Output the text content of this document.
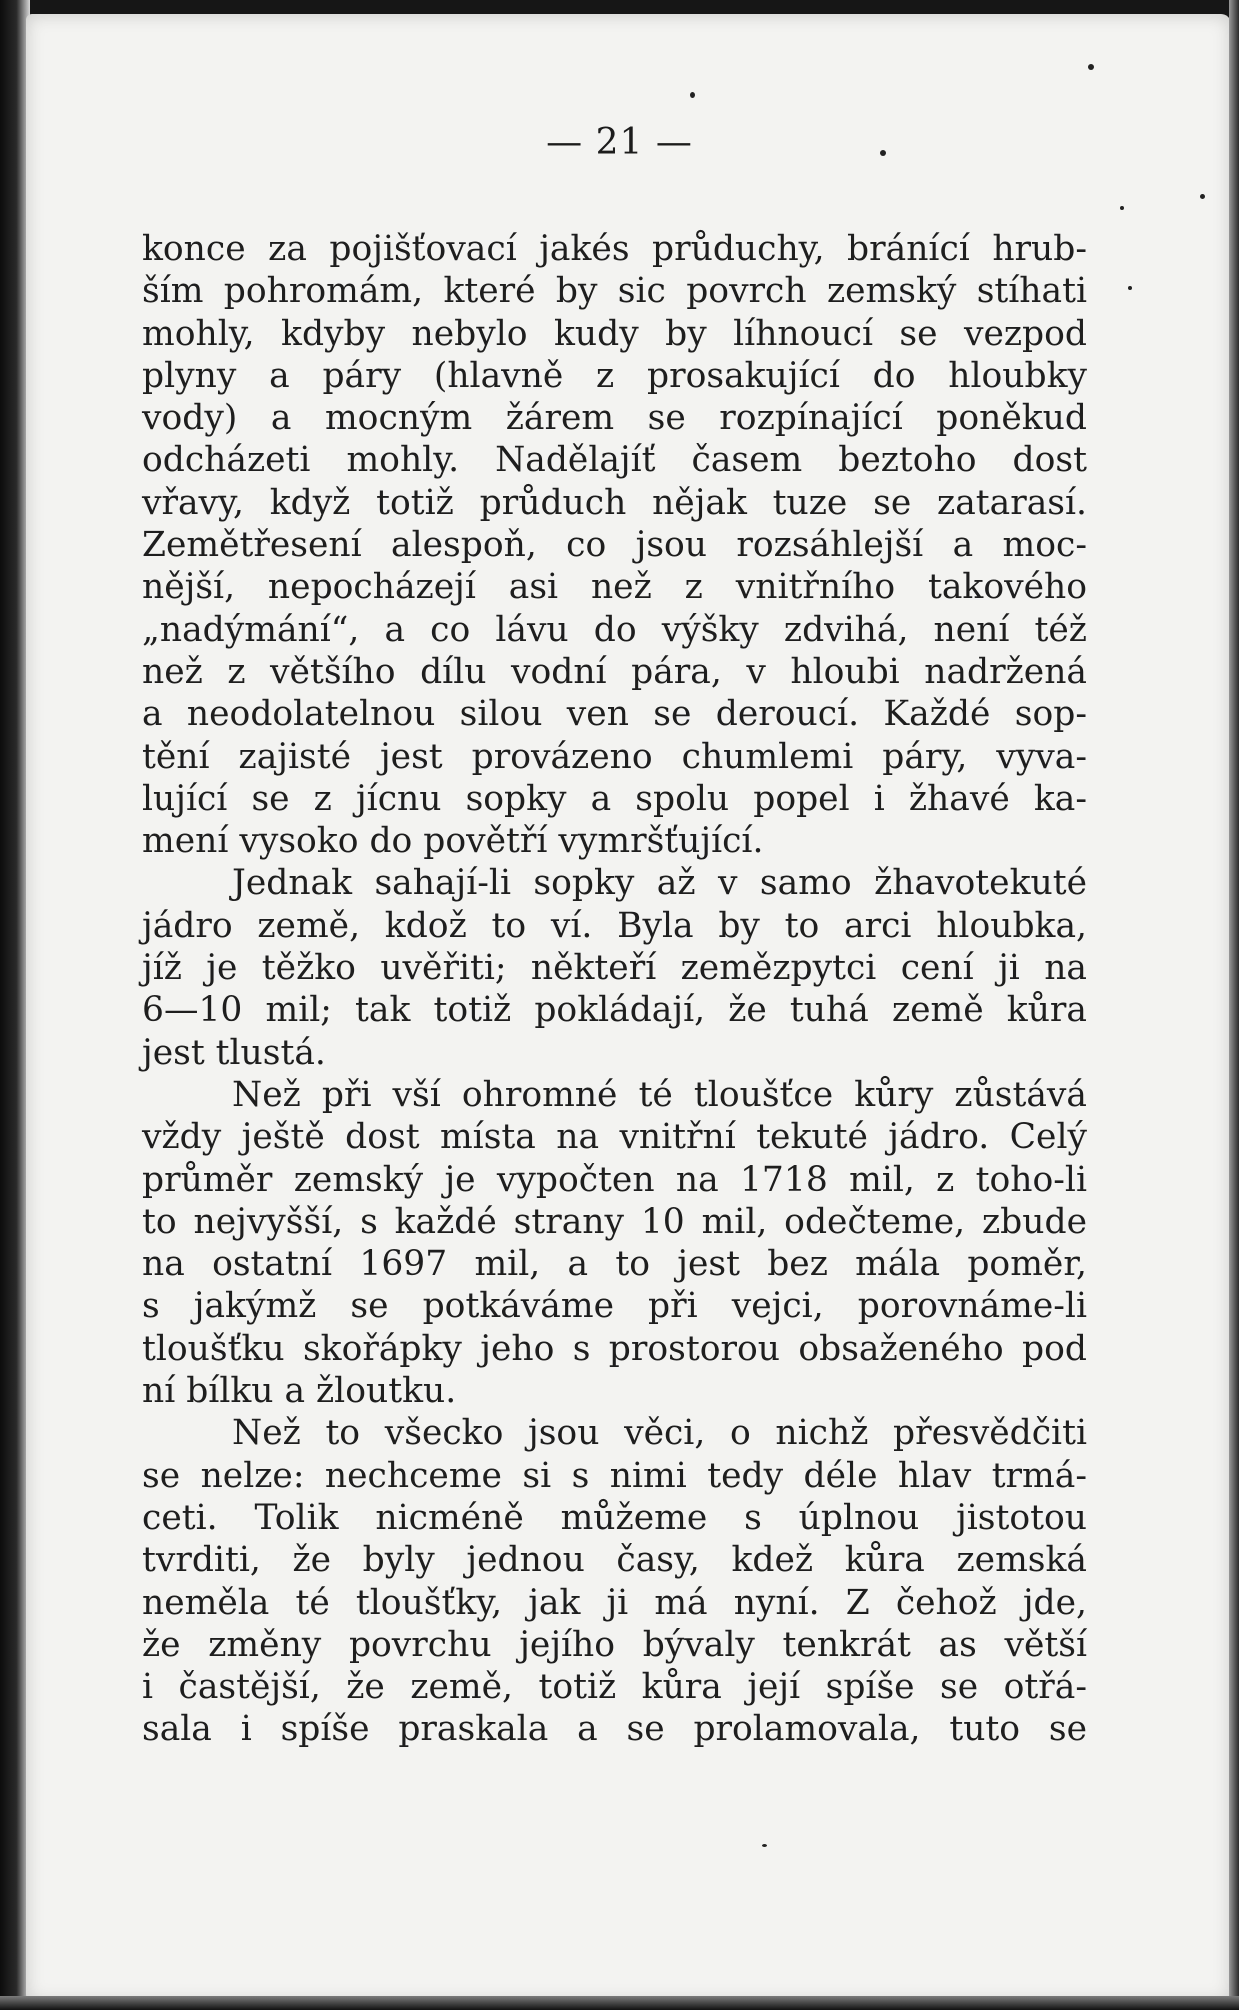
— 21 —
konce za pojišťovací jakés průduchy, bránící hrub-
ším pohromám, které by sic povrch zemský stíhati
mohly, kdyby nebylo kudy by líhnoucí se vezpod
plyny a páry (hlavně z prosakující do hloubky
vody) a mocným žárem se rozpínající poněkud
odcházeti mohly. Nadělajíť časem beztoho dost
vřavy, když totiž průduch nějak tuze se zatarasí.
Zemětřesení alespoň, co jsou rozsáhlejší a moc-
nější, nepocházejí asi než z vnitřního takového
„nadýmání“, a co lávu do výšky zdvihá, není též
než z většího dílu vodní pára, v hloubi nadržená
a neodolatelnou silou ven se deroucí. Každé sop-
tění zajisté jest provázeno chumlemi páry, vyva-
lující se z jícnu sopky a spolu popel i žhavé ka-
mení vysoko do povětří vymršťující.
Jednak sahají-li sopky až v samo žhavotekuté
jádro země, kdož to ví. Byla by to arci hloubka,
jíž je těžko uvěřiti; někteří zemězpytci cení ji na
6—10 mil; tak totiž pokládají, že tuhá země kůra
jest tlustá.
Než při vší ohromné té tloušťce kůry zůstává
vždy ještě dost místa na vnitřní tekuté jádro. Celý
průměr zemský je vypočten na 1718 mil, z toho-li
to nejvyšší, s každé strany 10 mil, odečteme, zbude
na ostatní 1697 mil, a to jest bez mála poměr,
s jakýmž se potkáváme při vejci, porovnáme-li
tloušťku skořápky jeho s prostorou obsaženého pod
ní bílku a žloutku.
Než to všecko jsou věci, o nichž přesvědčiti
se nelze: nechceme si s nimi tedy déle hlav trmá-
ceti. Tolik nicméně můžeme s úplnou jistotou
tvrditi, že byly jednou časy, kdež kůra zemská
neměla té tloušťky, jak ji má nyní. Z čehož jde,
že změny povrchu jejího bývaly tenkrát as větší
i častější, že země, totiž kůra její spíše se otřá-
sala i spíše praskala a se prolamovala, tuto se
